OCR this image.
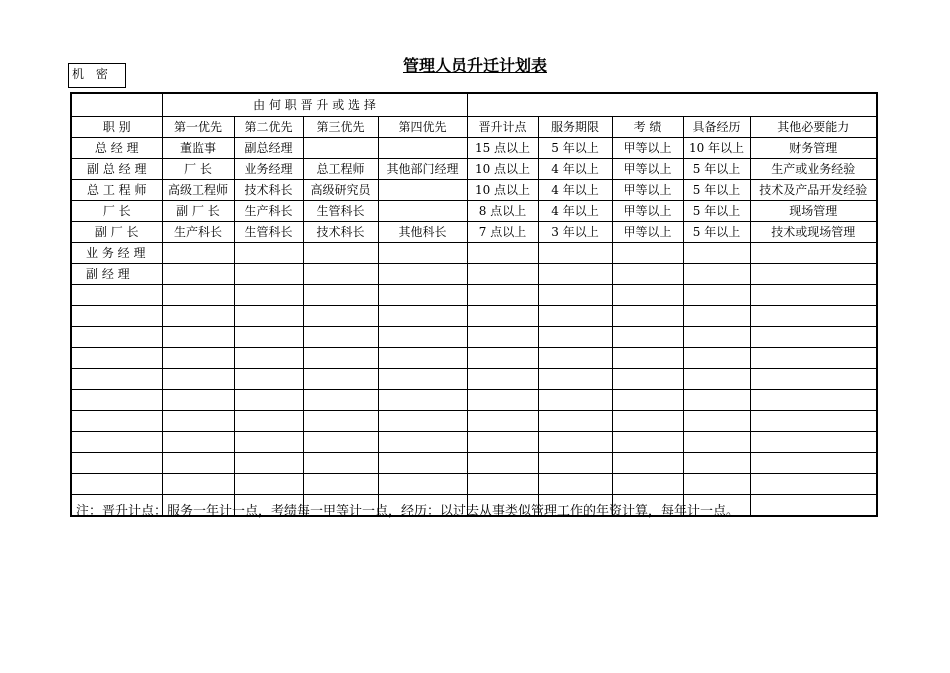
管理人员升迁计划表
机 密
	由 何 职 晋 升 或 选 择								
职 别	第一优先	第二优先	第三优先	第四优先	晋升计点	服务期限	考 绩	具备经历	其他必要能力
总 经 理	董监事	副总经理			15 点以上	5 年以上	甲等以上	10 年以上	财务管理
副 总 经 理	厂 长	业务经理	总工程师	其他部门经理	10 点以上	4 年以上	甲等以上	5 年以上	生产或业务经验
总 工 程 师	高级工程师	技术科长	高级研究员		10 点以上	4 年以上	甲等以上	5 年以上	技术及产品开发经验
厂 长	副 厂 长	生产科长	生管科长		8 点以上	4 年以上	甲等以上	5 年以上	现场管理
副 厂 长	生产科长	生管科长	技术科长	其他科长	7 点以上	3 年以上	甲等以上	5 年以上	技术或现场管理
业 务 经 理									
副 经 理									

注：晋升计点：服务一年计一点，考绩每一甲等计一点，经历：以过去从事类似管理工作的年资计算，每年计一点。
